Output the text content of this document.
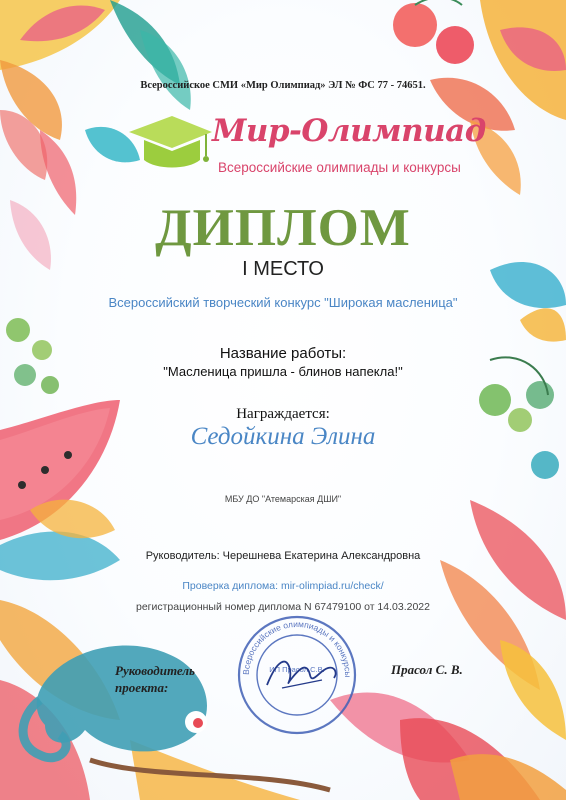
Всероссийское СМИ «Мир Олимпиад» ЭЛ № ФС 77 - 74651.
Мир-Олимпиад
Всероссийские олимпиады и конкурсы
ДИПЛОМ
I МЕСТО
Всероссийский творческий конкурс "Широкая масленица"
Название работы:
"Масленица пришла - блинов напекла!"
Награждается:
Седойкина Элина
МБУ ДО "Атемарская ДШИ"
Руководитель: Черешнева Екатерина Александровна
Проверка диплома: mir-olimpiad.ru/check/
регистрационный номер диплома N 67479100 от 14.03.2022
Всероссийские олимпиады и конкурсы
ИП Прасол С.В.
Руководитель
проекта:
Прасол С. В.
